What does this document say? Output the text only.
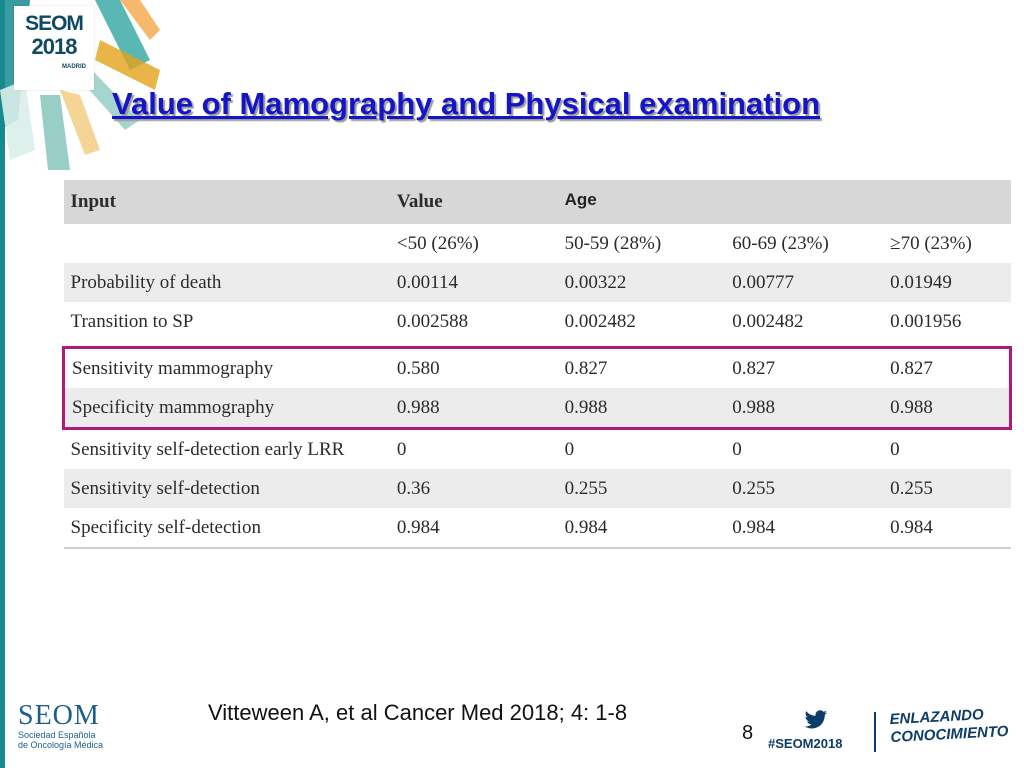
SEOM
2018
MADRID
Value of Mamography and Physical examination
Input	Value	Age		
	<50 (26%)	50-59 (28%)	60-69 (23%)	≥70 (23%)
Probability of death	0.00114	0.00322	0.00777	0.01949
Transition to SP	0.002588	0.002482	0.002482	0.001956

Sensitivity mammography	0.580	0.827	0.827	0.827
Specificity mammography	0.988	0.988	0.988	0.988
Sensitivity self-detection early LRR	0	0	0	0
Sensitivity self-detection	0.36	0.255	0.255	0.255
Specificity self-detection	0.984	0.984	0.984	0.984
SEOM
Sociedad Española
de Oncología Médica
Vitteween A, et al Cancer Med 2018; 4: 1-8
8 #SEOM2018
ENLAZANDO
CONOCIMIENTO
